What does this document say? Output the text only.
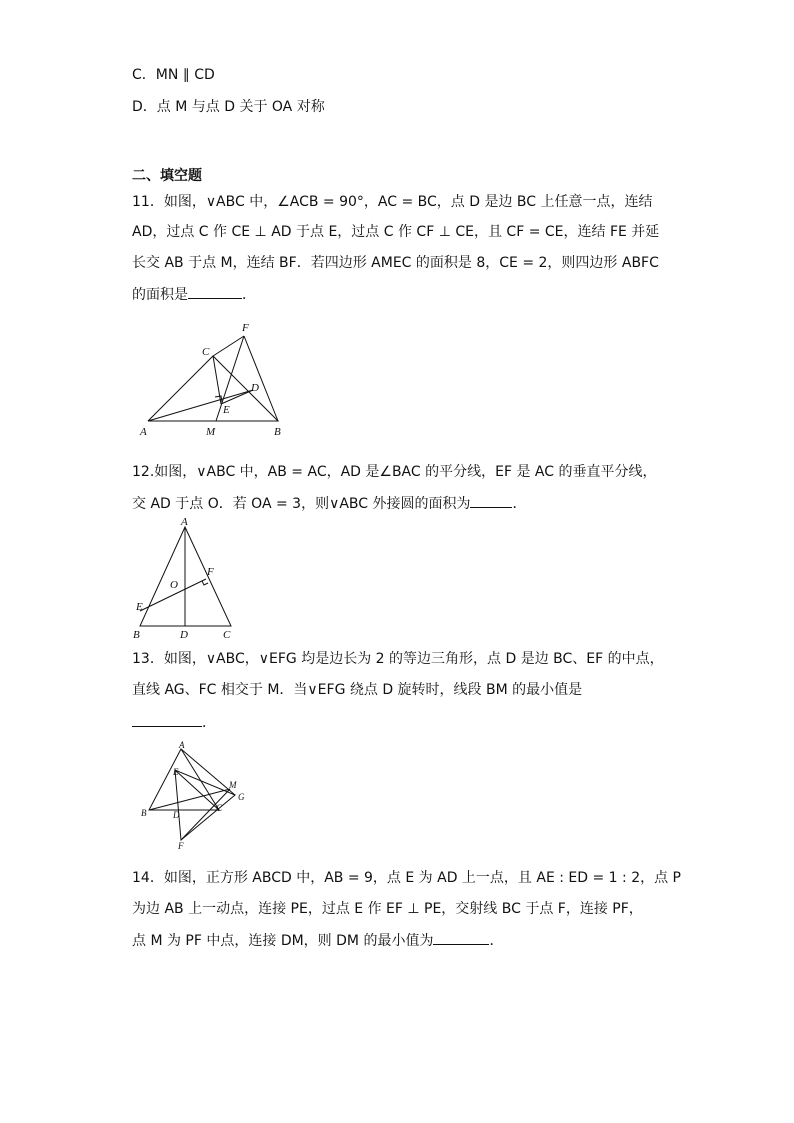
C．MN ∥ CD
D．点 M 与点 D 关于 OA 对称
二、填空题
11．如图，∨ABC 中，∠ACB = 90°，AC = BC，点 D 是边 BC 上任意一点，连结
AD，过点 C 作 CE ⊥ AD 于点 E，过点 C 作 CF ⊥ CE，且 CF = CE，连结 FE 并延
长交 AB 于点 M，连结 BF．若四边形 AMEC 的面积是 8，CE = 2，则四边形 ABFC
的面积是	．
F
C
D
E
A	M	B
12.如图，∨ABC 中，AB = AC，AD 是∠BAC 的平分线，EF 是 AC 的垂直平分线，
交 AD 于点 O．若 OA = 3，则∨ABC 外接圆的面积为	．
A
F
O
E
B	D	C
13．如图，∨ABC，∨EFG 均是边长为 2 的等边三角形，点 D 是边 BC、EF 的中点，
直线 AG、FC 相交于 M．当∨EFG 绕点 D 旋转时，线段 BM 的最小值是
．
A
E
M
G
B	D
C
F
14．如图，正方形 ABCD 中，AB = 9，点 E 为 AD 上一点，且 AE : ED = 1 : 2，点 P
为边 AB 上一动点，连接 PE，过点 E 作 EF ⊥ PE，交射线 BC 于点 F，连接 PF，
点 M 为 PF 中点，连接 DM，则 DM 的最小值为	．
